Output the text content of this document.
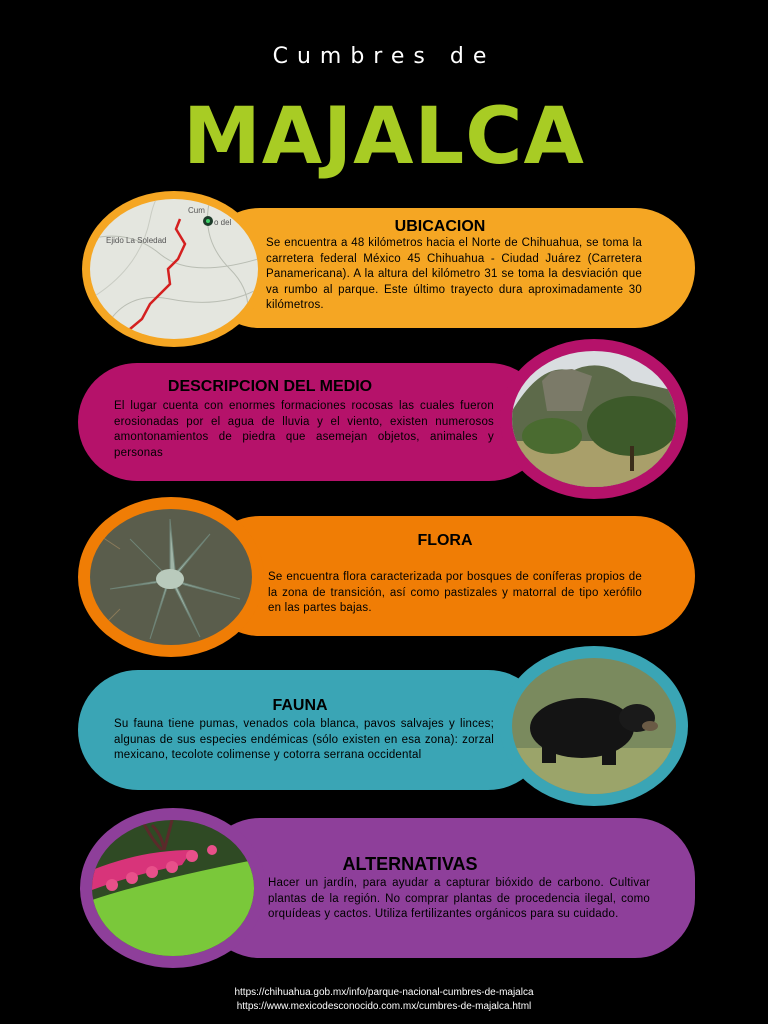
Cumbres de
MAJALCA
Cum
o del
Ejido La Soledad
UBICACION
Se encuentra a 48 kilómetros hacia el Norte de Chihuahua, se toma la carretera federal México 45 Chihuahua - Ciudad Juárez (Carretera Panamericana). A la altura del kilómetro 31 se toma la desviación que va rumbo al parque. Este último trayecto dura aproximadamente 30 kilómetros.
DESCRIPCION DEL MEDIO
El lugar cuenta con enormes formaciones rocosas las cuales fueron erosionadas por el agua de lluvia y el viento, existen numerosos amontonamientos de piedra que asemejan objetos, animales y personas
FLORA
Se encuentra flora caracterizada por bosques de coníferas propios de la zona de transición, así como pastizales y matorral de tipo xerófilo en las partes bajas.
FAUNA
Su fauna tiene pumas, venados cola blanca, pavos salvajes y linces; algunas de sus especies endémicas (sólo existen en esa zona): zorzal mexicano, tecolote colimense y cotorra serrana occidental
ALTERNATIVAS
Hacer un jardín, para ayudar a capturar bióxido de carbono. Cultivar plantas de la región. No comprar plantas de procedencia ilegal, como orquídeas y cactos. Utiliza fertilizantes orgánicos para su cuidado.
https://chihuahua.gob.mx/info/parque-nacional-cumbres-de-majalca
https://www.mexicodesconocido.com.mx/cumbres-de-majalca.html
